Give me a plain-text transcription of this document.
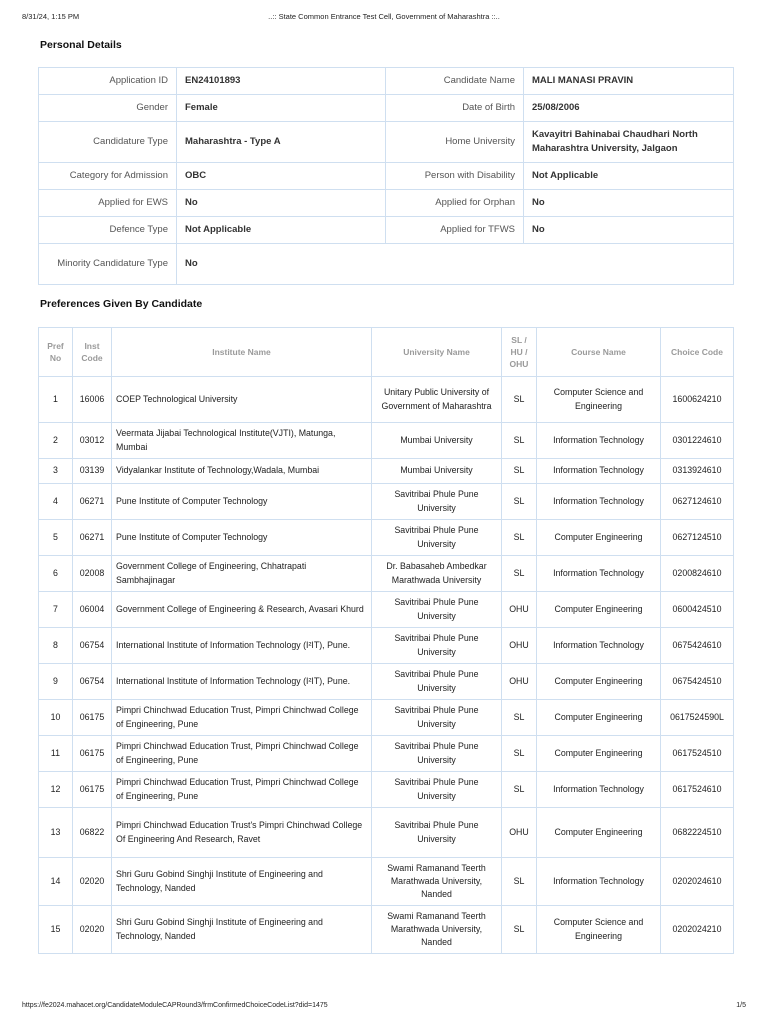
8/31/24, 1:15 PM	..:: State Common Entrance Test Cell, Government of Maharashtra ::..
Personal Details
Application ID	EN24101893	Candidate Name	MALI MANASI PRAVIN
Gender	Female	Date of Birth	25/08/2006
Candidature Type	Maharashtra - Type A	Home University	Kavayitri Bahinabai Chaudhari North Maharashtra University, Jalgaon
Category for Admission	OBC	Person with Disability	Not Applicable
Applied for EWS	No	Applied for Orphan	No
Defence Type	Not Applicable	Applied for TFWS	No
Minority Candidature Type	No		
Preferences Given By Candidate
Pref No	Inst Code	Institute Name	University Name	SL / HU / OHU	Course Name	Choice Code
1	16006	COEP Technological University	Unitary Public University of Government of Maharashtra	SL	Computer Science and Engineering	1600624210
2	03012	Veermata Jijabai Technological Institute(VJTI), Matunga, Mumbai	Mumbai University	SL	Information Technology	0301224610
3	03139	Vidyalankar Institute of Technology,Wadala, Mumbai	Mumbai University	SL	Information Technology	0313924610
4	06271	Pune Institute of Computer Technology	Savitribai Phule Pune University	SL	Information Technology	0627124610
5	06271	Pune Institute of Computer Technology	Savitribai Phule Pune University	SL	Computer Engineering	0627124510
6	02008	Government College of Engineering, Chhatrapati Sambhajinagar	Dr. Babasaheb Ambedkar Marathwada University	SL	Information Technology	0200824610
7	06004	Government College of Engineering & Research, Avasari Khurd	Savitribai Phule Pune University	OHU	Computer Engineering	0600424510
8	06754	International Institute of Information Technology (I²IT), Pune.	Savitribai Phule Pune University	OHU	Information Technology	0675424610
9	06754	International Institute of Information Technology (I²IT), Pune.	Savitribai Phule Pune University	OHU	Computer Engineering	0675424510
10	06175	Pimpri Chinchwad Education Trust, Pimpri Chinchwad College of Engineering, Pune	Savitribai Phule Pune University	SL	Computer Engineering	0617524590L
11	06175	Pimpri Chinchwad Education Trust, Pimpri Chinchwad College of Engineering, Pune	Savitribai Phule Pune University	SL	Computer Engineering	0617524510
12	06175	Pimpri Chinchwad Education Trust, Pimpri Chinchwad College of Engineering, Pune	Savitribai Phule Pune University	SL	Information Technology	0617524610
13	06822	Pimpri Chinchwad Education Trust's Pimpri Chinchwad College Of Engineering And Research, Ravet	Savitribai Phule Pune University	OHU	Computer Engineering	0682224510
14	02020	Shri Guru Gobind Singhji Institute of Engineering and Technology, Nanded	Swami Ramanand Teerth Marathwada University, Nanded	SL	Information Technology	0202024610
15	02020	Shri Guru Gobind Singhji Institute of Engineering and Technology, Nanded	Swami Ramanand Teerth Marathwada University, Nanded	SL	Computer Science and Engineering	0202024210
https://fe2024.mahacet.org/CandidateModuleCAPRound3/frmConfirmedChoiceCodeList?did=1475	1/5
